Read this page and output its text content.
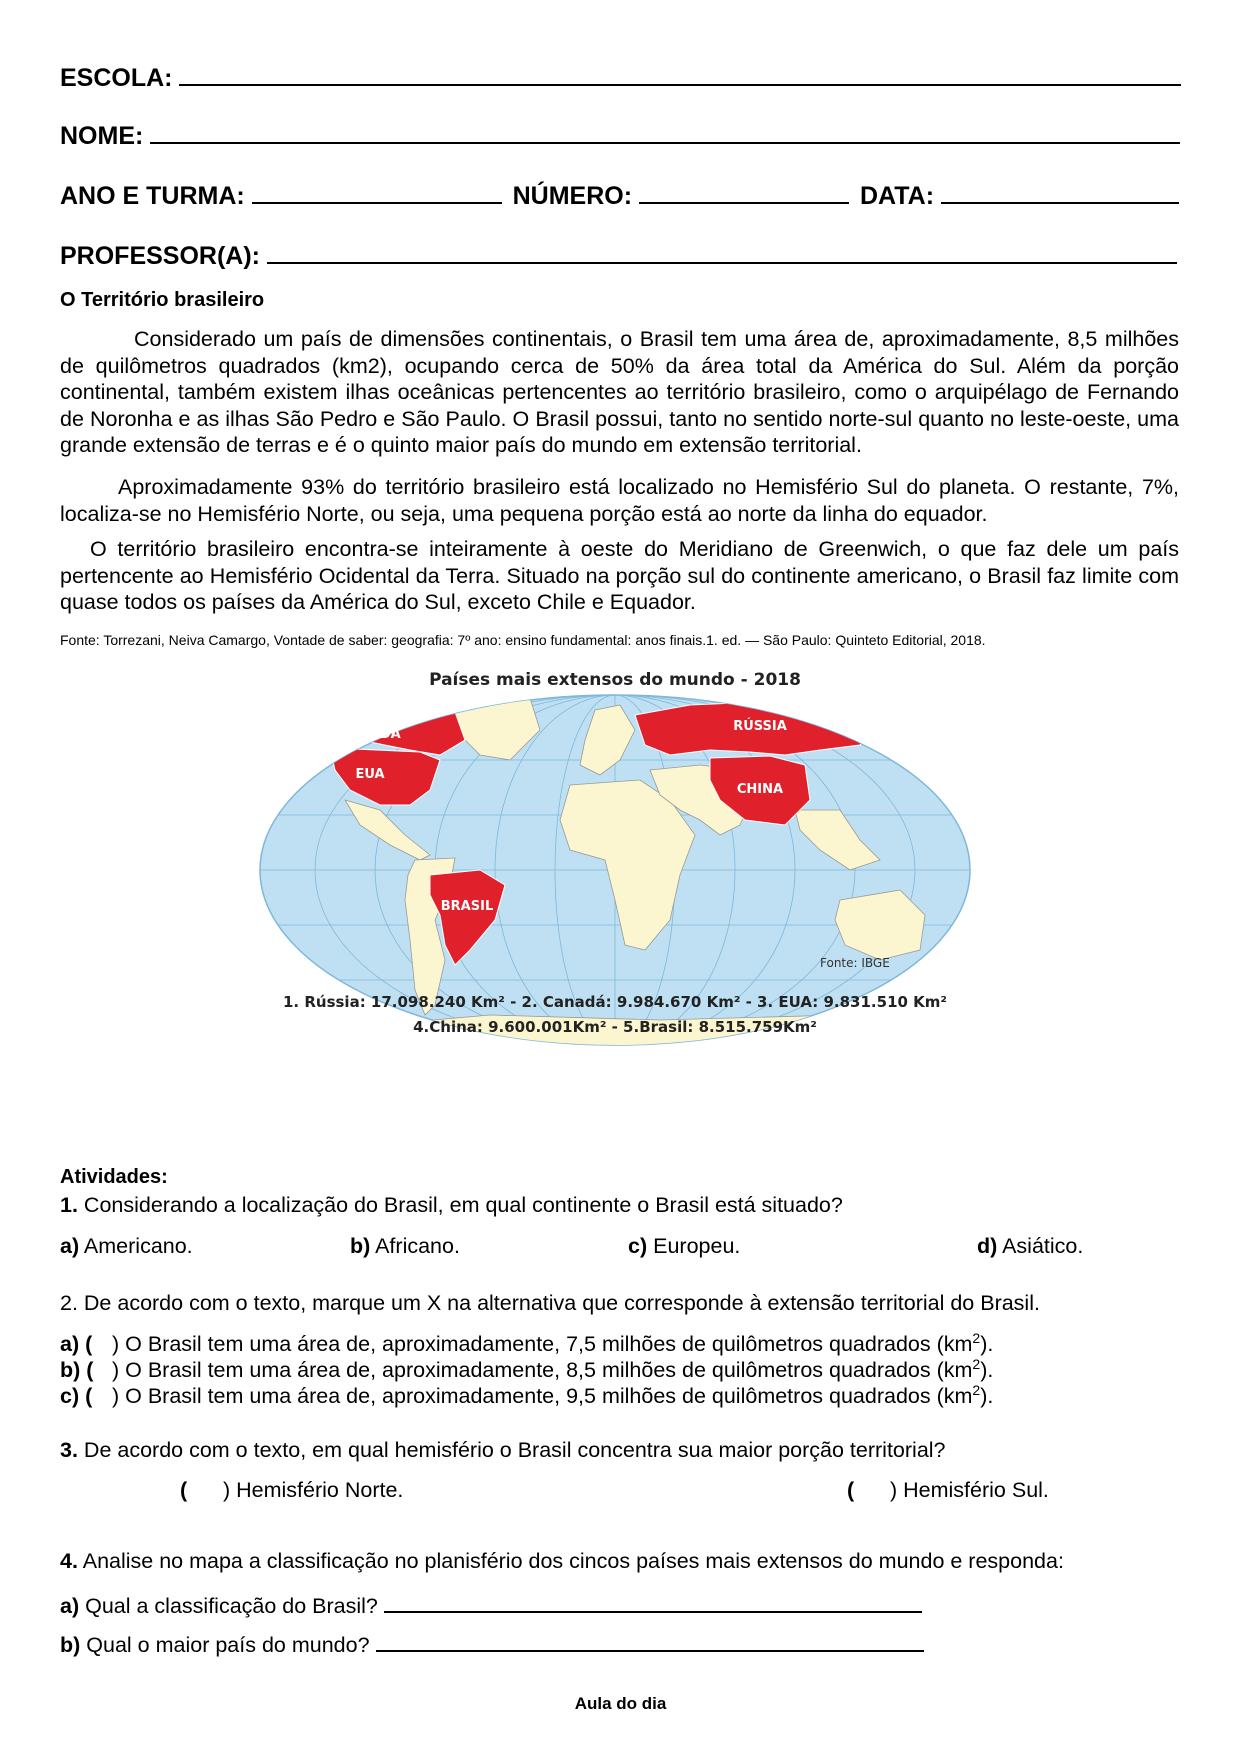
ESCOLA:
NOME:
ANO E TURMA:	NÚMERO:	DATA:
PROFESSOR(A):
O Território brasileiro

Considerado um país de dimensões continentais, o Brasil tem uma área de, aproximadamente, 8,5 milhões de quilômetros quadrados (km2), ocupando cerca de 50% da área total da América do Sul. Além da porção continental, também existem ilhas oceânicas pertencentes ao território brasileiro, como o arquipélago de Fernando de Noronha e as ilhas São Pedro e São Paulo. O Brasil possui, tanto no sentido norte-sul quanto no leste-oeste, uma grande extensão de terras e é o quinto maior país do mundo em extensão territorial.

Aproximadamente 93% do território brasileiro está localizado no Hemisfério Sul do planeta. O restante, 7%, localiza-se no Hemisfério Norte, ou seja, uma pequena porção está ao norte da linha do equador.

O território brasileiro encontra-se inteiramente à oeste do Meridiano de Greenwich, o que faz dele um país pertencente ao Hemisfério Ocidental da Terra. Situado na porção sul do continente americano, o Brasil faz limite com quase todos os países da América do Sul, exceto Chile e Equador.

Fonte: Torrezani, Neiva Camargo, Vontade de saber: geografia: 7º ano: ensino fundamental: anos finais.1. ed. — São Paulo: Quinteto Editorial, 2018.
Países mais extensos do mundo - 2018
CANADÁ
EUA
RÚSSIA
CHINA
BRASIL
Fonte: IBGE
1. Rússia: 17.098.240 Km² - 2. Canadá: 9.984.670 Km² - 3. EUA: 9.831.510 Km²
4.China: 9.600.001Km² - 5.Brasil: 8.515.759Km²
Atividades:
1. Considerando a localização do Brasil, em qual continente o Brasil está situado?
a) Americano.	b) Africano.	c) Europeu.	d) Asiático.
2. De acordo com o texto, marque um X na alternativa que corresponde à extensão territorial do Brasil.
a) ( ) O Brasil tem uma área de, aproximadamente, 7,5 milhões de quilômetros quadrados $(km^2)$.
b) ( ) O Brasil tem uma área de, aproximadamente, 8,5 milhões de quilômetros quadrados $(km^2)$.
c) ( ) O Brasil tem uma área de, aproximadamente, 9,5 milhões de quilômetros quadrados $(km^2)$.
3. De acordo com o texto, em qual hemisfério o Brasil concentra sua maior porção territorial?
( ) Hemisfério Norte.	( ) Hemisfério Sul.
4. Analise no mapa a classificação no planisfério dos cincos países mais extensos do mundo e responda:
a) Qual a classificação do Brasil?
b) Qual o maior país do mundo?
Aula do dia
